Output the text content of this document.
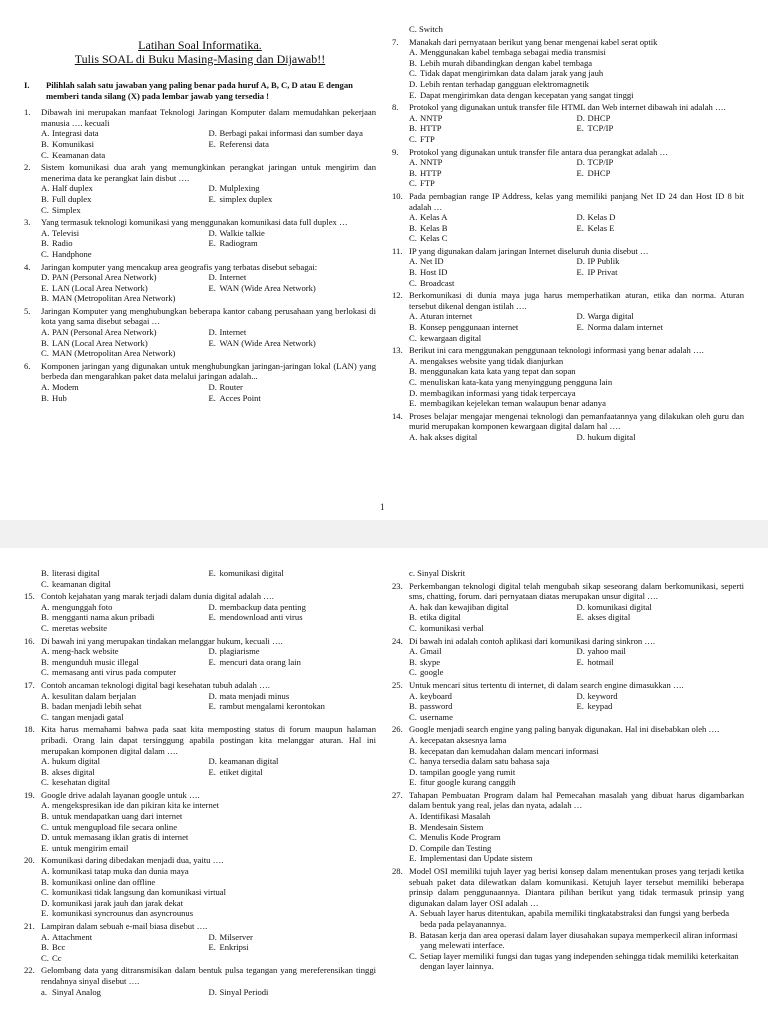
Latihan Soal Informatika.
Tulis SOAL di Buku Masing-Masing dan Dijawab!!
I.	Pilihlah salah satu jawaban yang paling benar pada huruf A, B, C, D atau E dengan memberi tanda silang (X) pada lembar jawab yang tersedia !
1.	Dibawah ini merupakan manfaat Teknologi Jaringan Komputer dalam memudahkan pekerjaan manusia …. kecuali
A. Integrasi data	D. Berbagi pakai informasi dan sumber daya
B. Komunikasi	E. Referensi data
C. Keamanan data
2.	Sistem komunikasi dua arah yang memungkinkan perangkat jaringan untuk mengirim dan menerima data ke perangkat lain disbut ….
A. Half duplex	D. Mulplexing
B. Full duplex	E. simplex duplex
C. Simplex
3.	Yang termasuk teknologi komunikasi yang menggunakan komunikasi data full duplex …
A. Televisi	D. Walkie talkie
B. Radio	E. Radiogram
C. Handphone
4.	Jaringan komputer yang mencakup area geografis yang terbatas disebut sebagai:
D. PAN (Personal Area Network)	D. Internet
E. LAN (Local Area Network)	E. WAN (Wide Area Network)
B. MAN (Metropolitan Area Network)
5.	Jaringan Komputer yang menghubungkan beberapa kantor cabang perusahaan yang berlokasi di kota yang sama disebut sebagai …
A. PAN (Personal Area Network)	D. Internet
B. LAN (Local Area Network)	E. WAN (Wide Area Network)
C. MAN (Metropolitan Area Network)
6.	Komponen jaringan yang digunakan untuk menghubungkan jaringan-jaringan lokal (LAN) yang berbeda dan mengarahkan paket data melalui jaringan adalah...
A. Modem	D. Router
B. Hub	E. Acces Point
C. Switch
7.	Manakah dari pernyataan berikut yang benar mengenai kabel serat optik
A. Menggunakan kabel tembaga sebagai media transmisi
B. Lebih murah dibandingkan dengan kabel tembaga
C. Tidak dapat mengirimkan data dalam jarak yang jauh
D. Lebih rentan terhadap gangguan elektromagnetik
E. Dapat mengirimkan data dengan kecepatan yang sangat tinggi
8.	Protokol yang digunakan untuk transfer file HTML dan Web internet dibawah ini adalah ….
A. NNTP	D. DHCP
B. HTTP	E. TCP/IP
C. FTP
9.	Protokol yang digunakan untuk transfer file antara dua perangkat adalah …
A. NNTP	D. TCP/IP
B. HTTP	E. DHCP
C. FTP
10. Pada pembagian range IP Address, kelas yang memiliki panjang Net ID 24 dan Host ID 8 bit adalah …
A. Kelas A	D. Kelas D
B. Kelas B	E. Kelas E
C. Kelas C
11. IP yang digunakan dalam jaringan Internet diseluruh dunia disebut …
A. Net ID	D. IP Publik
B. Host ID	E. IP Privat
C. Broadcast
12. Berkomunikasi di dunia maya juga harus memperhatikan aturan, etika dan norma. Aturan tersebut dikenal dengan istilah ….
A. Aturan internet	D. Warga digital
B. Konsep penggunaan internet	E. Norma dalam internet
C. kewargaan digital
13. Berikut ini cara menggunakan penggunaan teknologi informasi yang benar adalah ….
A. mengakses website yang tidak dianjurkan
B. menggunakan kata kata yang tepat dan sopan
C. menuliskan kata-kata yang menyinggung pengguna lain
D. membagikan informasi yang tidak terpercaya
E. membagikan kejelekan teman walaupun benar adanya
14. Proses belajar mengajar mengenai teknologi dan pemanfaatannya yang dilakukan oleh guru dan murid merupakan komponen kewargaan digital dalam hal ….
A. hak akses digital	D. hukum digital
1
B. literasi digital	E. komunikasi digital
C. keamanan digital
15. Contoh kejahatan yang marak terjadi dalam dunia digital adalah ….
A. mengunggah foto	D. membackup data penting
B. mengganti nama akun pribadi	E. mendownload anti virus
C. meretas website
16. Di bawah ini yang merupakan tindakan melanggar hukum, kecuali ….
A. meng-hack website	D. plagiarisme
B. mengunduh music illegal	E. mencuri data orang lain
C. memasang anti virus pada computer
17. Contoh ancaman teknologi digital bagi kesehatan tubuh adalah ….
A. kesulitan dalam berjalan	D. mata menjadi minus
B. badan menjadi lebih sehat	E. rambut mengalami kerontokan
C. tangan menjadi gatal
18. Kita harus memahami bahwa pada saat kita memposting status di forum maupun halaman pribadi. Orang lain dapat tersinggung apabila postingan kita melanggar aturan. Hal ini merupakan komponen digital dalam ….
A. hukum digital	D. keamanan digital
B. akses digital	E. etiket digital
C. kesehatan digital
19. Google drive adalah layanan google untuk ….
A. mengekspresikan ide dan pikiran kita ke internet
B. untuk mendapatkan uang dari internet
C. untuk mengupload file secara online
D. untuk memasang iklan gratis di internet
E. untuk mengirim email
20. Komunikasi daring dibedakan menjadi dua, yaitu ….
A. komunikasi tatap muka dan dunia maya
B. komunikasi online dan offline
C. komunikasi tidak langsung dan komunikasi virtual
D. komunikasi jarak jauh dan jarak dekat
E. komunikasi syncrounus dan asyncrounus
21. Lampiran dalam sebuah e-mail biasa disebut ….
A. Attachment	D. Milserver
B. Bcc	E. Enkripsi
C. Cc
22. Gelombang data yang ditransmisikan dalam bentuk pulsa tegangan yang mereferensikan tinggi rendahnya sinyal disebut ….
a. Sinyal Analog	D. Sinyal Periodi
c. Sinyal Diskrit
23. Perkembangan teknologi digital telah mengubah sikap seseorang dalam berkomunikasi, seperti sms, chatting, forum. dari pernyataan diatas merupakan unsur digital ….
A. hak dan kewajiban digital	D. komunikasi digital
B. etika digital	E. akses digital
C. komunikasi verbal
24. Di bawah ini adalah contoh aplikasi dari komunikasi daring sinkron ….
A. Gmail	D. yahoo mail
B. skype	E. hotmail
C. google
25. Untuk mencari situs tertentu di internet, di dalam search engine dimasukkan ….
A. keyboard	D. keyword
B. password	E. keypad
C. username
26. Google menjadi search engine yang paling banyak digunakan. Hal ini disebabkan oleh ….
A. kecepatan aksesnya lama
B. kecepatan dan kemudahan dalam mencari informasi
C. hanya tersedia dalam satu bahasa saja
D. tampilan google yang rumit
E. fitur google kurang canggih
27. Tahapan Pembuatan Program dalam hal Pemecahan masalah yang dibuat harus digambarkan dalam bentuk yang real, jelas dan nyata, adalah …
A. Identifikasi Masalah
B. Mendesain Sistem
C. Menulis Kode Program
D. Compile dan Testing
E. Implementasi dan Update sistem
28. Model OSI memiliki tujuh layer yag berisi konsep dalam menentukan proses yang terjadi ketika sebuah paket data dilewatkan dalam komunikasi. Ketujuh layer tersebut memiliki beberapa prinsip dalam penggunaannya. Diantara pilihan berikut yang tidak termasuk prinsip yang digunakan dalam layer OSI adalah …
A. Sebuah layer harus ditentukan, apabila memiliki tingkatabstraksi dan fungsi yang berbeda beda pada pelayanannya.
B. Batasan kerja dan area operasi dalam layer diusahakan supaya memperkecil aliran informasi yang melewati interface.
C. Setiap layer memiliki fungsi dan tugas yang independen sehingga tidak memiliki keterkaitan dengan layer lainnya.
